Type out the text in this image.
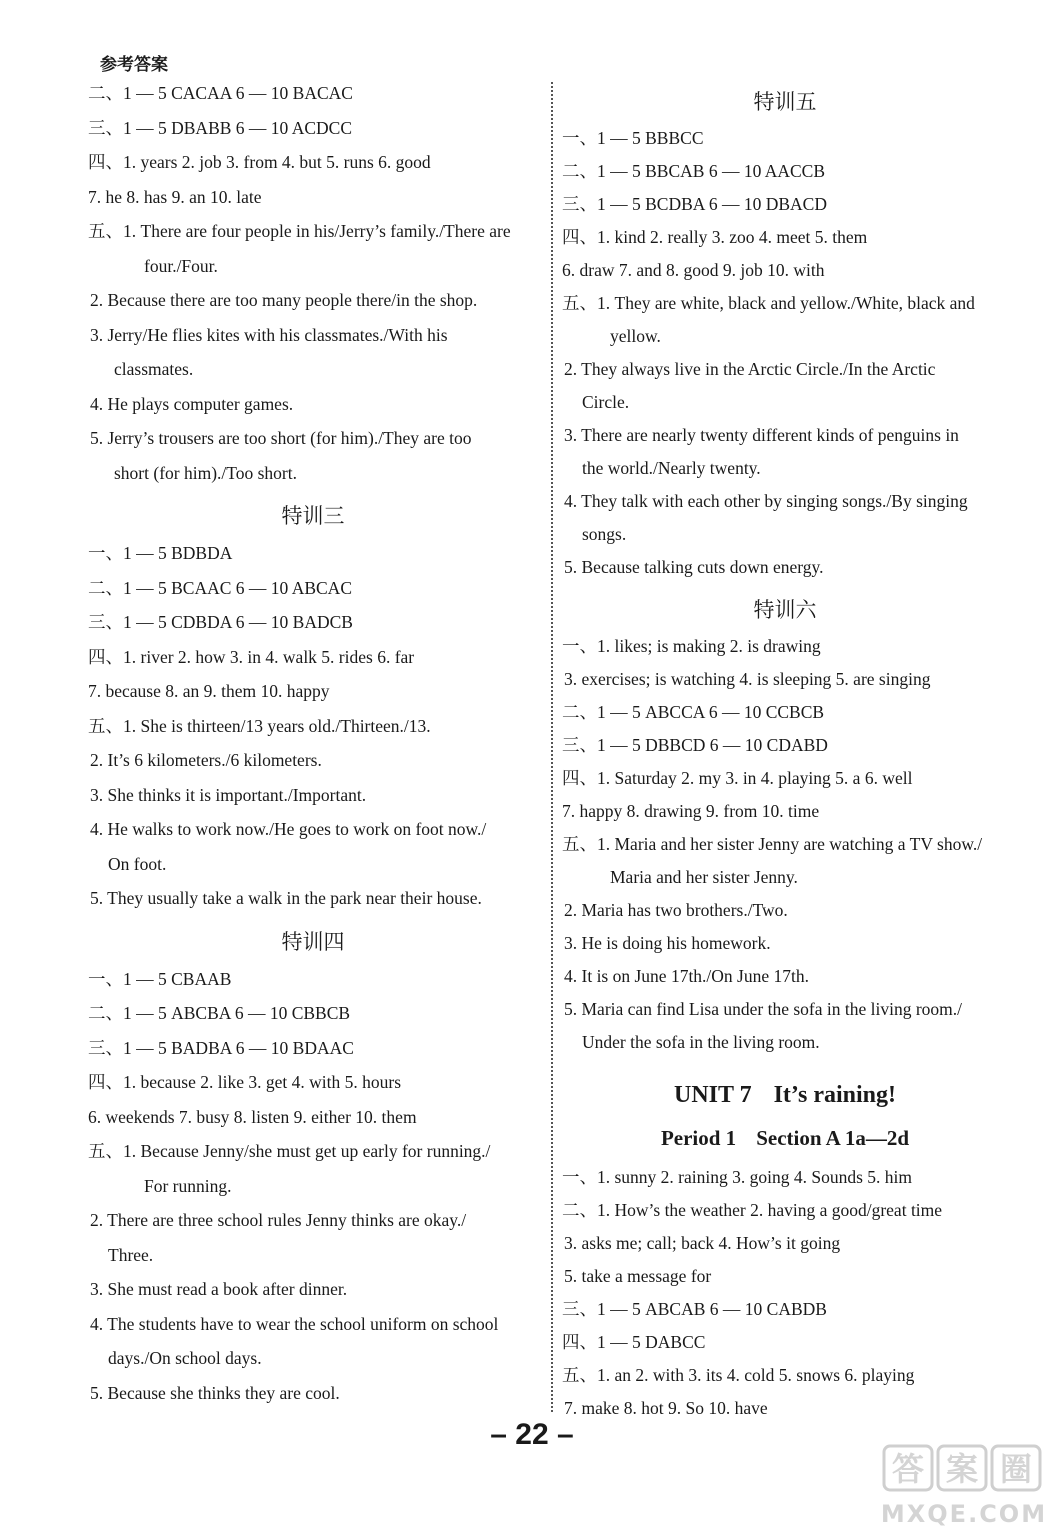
参考答案
二、1 — 5 CACAA 6 — 10 BACAC
三、1 — 5 DBABB 6 — 10 ACDCC
四、1. years 2. job 3. from 4. but 5. runs 6. good
7. he 8. has 9. an 10. late
五、1. There are four people in his/Jerry’s family./There are
four./Four.
2. Because there are too many people there/in the shop.
3. Jerry/He flies kites with his classmates./With his
classmates.
4. He plays computer games.
5. Jerry’s trousers are too short (for him)./They are too
short (for him)./Too short.
特训三
一、1 — 5 BDBDA
二、1 — 5 BCAAC 6 — 10 ABCAC
三、1 — 5 CDBDA 6 — 10 BADCB
四、1. river 2. how 3. in 4. walk 5. rides 6. far
7. because 8. an 9. them 10. happy
五、1. She is thirteen/13 years old./Thirteen./13.
2. It’s 6 kilometers./6 kilometers.
3. She thinks it is important./Important.
4. He walks to work now./He goes to work on foot now./
On foot.
5. They usually take a walk in the park near their house.
特训四
一、1 — 5 CBAAB
二、1 — 5 ABCBA 6 — 10 CBBCB
三、1 — 5 BADBA 6 — 10 BDAAC
四、1. because 2. like 3. get 4. with 5. hours
6. weekends 7. busy 8. listen 9. either 10. them
五、1. Because Jenny/she must get up early for running./
For running.
2. There are three school rules Jenny thinks are okay./
Three.
3. She must read a book after dinner.
4. The students have to wear the school uniform on school
days./On school days.
5. Because she thinks they are cool.
特训五
一、1 — 5 BBBCC
二、1 — 5 BBCAB 6 — 10 AACCB
三、1 — 5 BCDBA 6 — 10 DBACD
四、1. kind 2. really 3. zoo 4. meet 5. them
6. draw 7. and 8. good 9. job 10. with
五、1. They are white, black and yellow./White, black and
yellow.
2. They always live in the Arctic Circle./In the Arctic
Circle.
3. There are nearly twenty different kinds of penguins in
the world./Nearly twenty.
4. They talk with each other by singing songs./By singing
songs.
5. Because talking cuts down energy.
特训六
一、1. likes; is making 2. is drawing
3. exercises; is watching 4. is sleeping 5. are singing
二、1 — 5 ABCCA 6 — 10 CCBCB
三、1 — 5 DBBCD 6 — 10 CDABD
四、1. Saturday 2. my 3. in 4. playing 5. a 6. well
7. happy 8. drawing 9. from 10. time
五、1. Maria and her sister Jenny are watching a TV show./
Maria and her sister Jenny.
2. Maria has two brothers./Two.
3. He is doing his homework.
4. It is on June 17th./On June 17th.
5. Maria can find Lisa under the sofa in the living room./
Under the sofa in the living room.
UNIT 7 It’s raining!
Period 1 Section A 1a—2d
一、1. sunny 2. raining 3. going 4. Sounds 5. him
二、1. How’s the weather 2. having a good/great time
3. asks me; call; back 4. How’s it going
5. take a message for
三、1 — 5 ABCAB 6 — 10 CABDB
四、1 — 5 DABCC
五、1. an 2. with 3. its 4. cold 5. snows 6. playing
7. make 8. hot 9. So 10. have
– 22 –
答 案 圈
MXQE.COM
